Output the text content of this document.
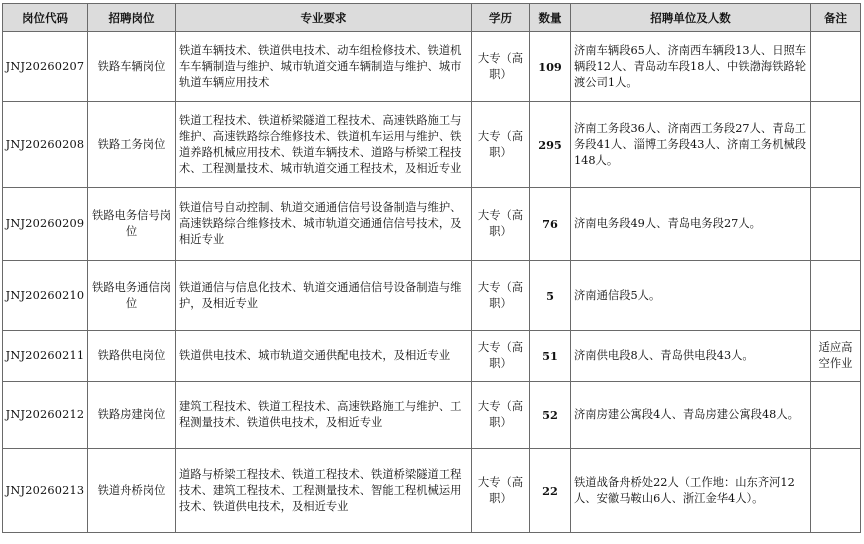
岗位代码	招聘岗位	专业要求	学历	数量	招聘单位及人数	备注
JNJ20260207	铁路车辆岗位	铁道车辆技术、铁道供电技术、动车组检修技术、铁道机车车辆制造与维护、城市轨道交通车辆制造与维护、城市轨道车辆应用技术	大专（高职）	109	济南车辆段65人、济南西车辆段13人、日照车辆段12人、青岛动车段18人、中铁渤海铁路轮渡公司1人。	
JNJ20260208	铁路工务岗位	铁道工程技术、铁道桥梁隧道工程技术、高速铁路施工与维护、高速铁路综合维修技术、铁道机车运用与维护、铁道养路机械应用技术、铁道车辆技术、道路与桥梁工程技术、工程测量技术、城市轨道交通工程技术，及相近专业	大专（高职）	295	济南工务段36人、济南西工务段27人、青岛工务段41人、淄博工务段43人、济南工务机械段148人。	
JNJ20260209	铁路电务信号岗位	铁道信号自动控制、轨道交通通信信号设备制造与维护、高速铁路综合维修技术、城市轨道交通通信信号技术，及相近专业	大专（高职）	76	济南电务段49人、青岛电务段27人。	
JNJ20260210	铁路电务通信岗位	铁道通信与信息化技术、轨道交通通信信号设备制造与维护，及相近专业	大专（高职）	5	济南通信段5人。	
JNJ20260211	铁路供电岗位	铁道供电技术、城市轨道交通供配电技术，及相近专业	大专（高职）	51	济南供电段8人、青岛供电段43人。	适应高空作业
JNJ20260212	铁路房建岗位	建筑工程技术、铁道工程技术、高速铁路施工与维护、工程测量技术、铁道供电技术，及相近专业	大专（高职）	52	济南房建公寓段4人、青岛房建公寓段48人。	
JNJ20260213	铁道舟桥岗位	道路与桥梁工程技术、铁道工程技术、铁道桥梁隧道工程技术、建筑工程技术、工程测量技术、智能工程机械运用技术、铁道供电技术，及相近专业	大专（高职）	22	铁道战备舟桥处22人（工作地：山东齐河12人、安徽马鞍山6人、浙江金华4人）。	
